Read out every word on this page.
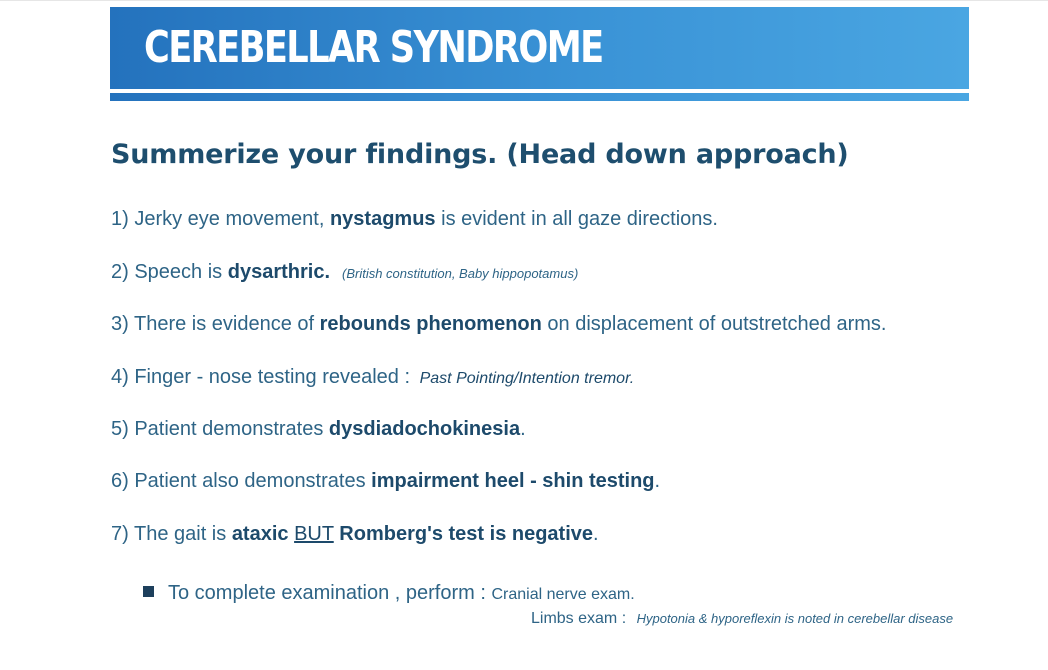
CEREBELLAR SYNDROME
Summerize your findings. (Head down approach)

1) Jerky eye movement, nystagmus is evident in all gaze directions.

2) Speech is dysarthric. (British constitution, Baby hippopotamus)

3) There is evidence of rebounds phenomenon on displacement of outstretched arms.

4) Finger - nose testing revealed : Past Pointing/Intention tremor.

5) Patient demonstrates dysdiadochokinesia.

6) Patient also demonstrates impairment heel - shin testing.

7) The gait is ataxic BUT Romberg's test is negative.

To complete examination , perform : Cranial nerve exam.
Limbs exam : Hypotonia & hyporeflexin is noted in cerebellar disease
